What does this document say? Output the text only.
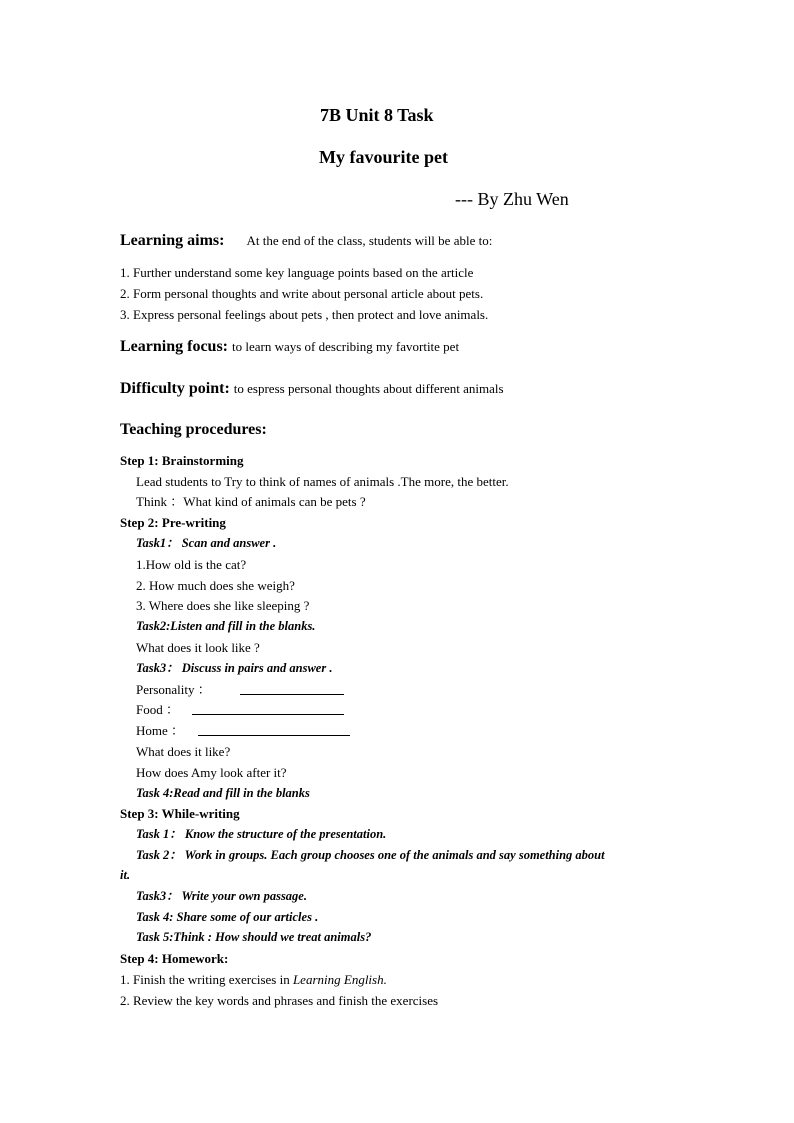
7B Unit 8 Task
My favourite pet
--- By Zhu Wen
Learning aims: At the end of the class, students will be able to:
1. Further understand some key language points based on the article
2. Form personal thoughts and write about personal article about pets.
3. Express personal feelings about pets , then protect and love animals.
Learning focus: to learn ways of describing my favortite pet
Difficulty point: to espress personal thoughts about different animals
Teaching procedures:
Step 1: Brainstorming
Lead students to Try to think of names of animals .The more, the better.
Think ：What kind of animals can be pets ?
Step 2: Pre-writing
Task1： Scan and answer .
1.How old is the cat?
2. How much does she weigh?
3. Where does she like sleeping ?
Task2:Listen and fill in the blanks.
What does it look like ?
Task3： Discuss in pairs and answer .
Personality ：
Food ：
Home ：
What does it like?
How does Amy look after it?
Task 4:Read and fill in the blanks
Step 3: While-writing
Task 1： Know the structure of the presentation.
Task 2： Work in groups. Each group chooses one of the animals and say something about
it.
Task3： Write your own passage.
Task 4: Share some of our articles .
Task 5:Think : How should we treat animals?
Step 4: Homework:
1. Finish the writing exercises in Learning English.
2. Review the key words and phrases and finish the exercises
